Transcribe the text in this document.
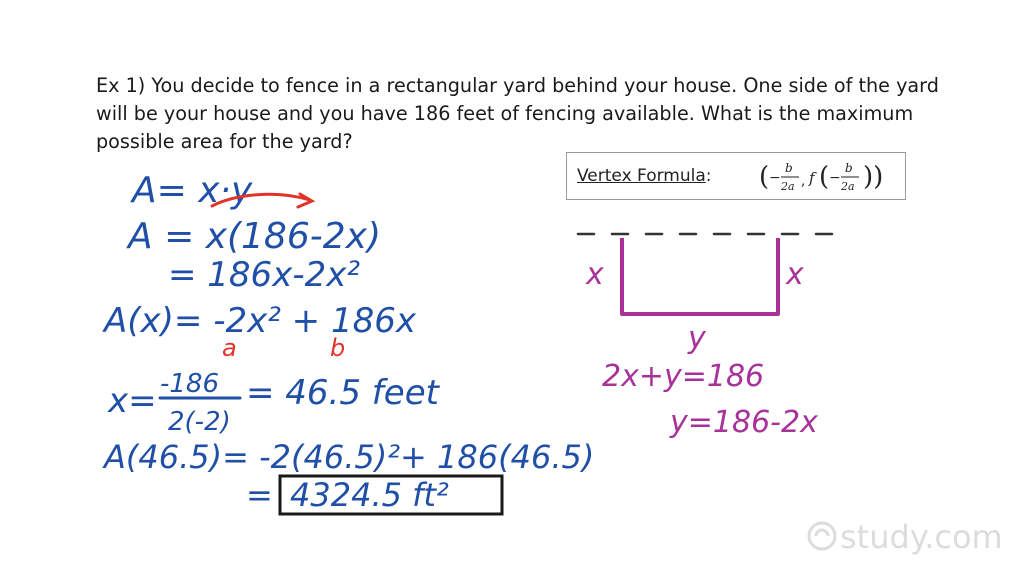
Ex 1) You decide to fence in a rectangular yard behind your house. One side of the yard will be your house and you have 186 feet of fencing available. What is the maximum possible area for the yard?

Vertex Formula: ( −
b
2a , f ( −
b
2a ))
A= x·y
A = x(186-2x)
= 186x-2x²
A(x)= -2x² + 186x
x= -186
2(-2)
= 46.5 feet
A(46.5)= -2(46.5)²+ 186(46.5)
= 4324.5 ft²
a	b
x	x
y
2x+y=186
y=186-2x
study.com
